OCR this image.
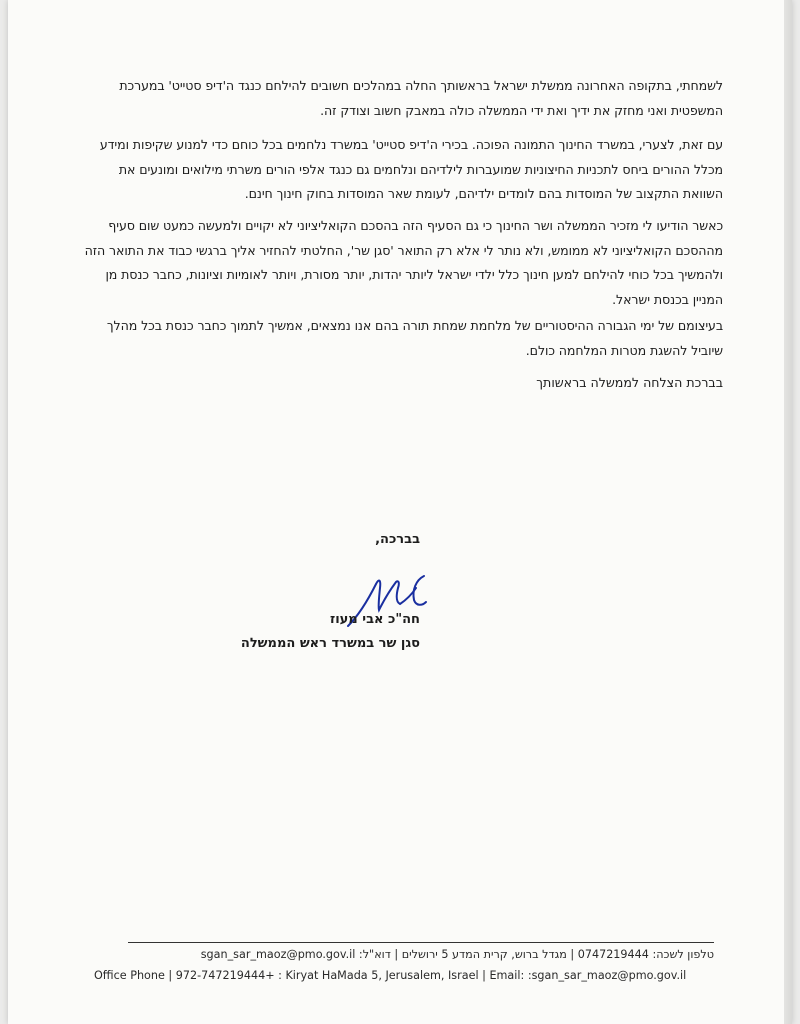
לשמחתי, בתקופה האחרונה ממשלת ישראל בראשותך החלה במהלכים חשובים להילחם כנגד ה'דיפ סטייט' במערכת המשפטית ואני מחזק את ידיך ואת ידי הממשלה כולה במאבק חשוב וצודק זה.
עם זאת, לצערי, במשרד החינוך התמונה הפוכה. בכירי ה'דיפ סטייט' במשרד נלחמים בכל כוחם כדי למנוע שקיפות ומידע מכלל ההורים ביחס לתכניות החיצוניות שמועברות לילדיהם ונלחמים גם כנגד אלפי הורים משרתי מילואים ומונעים את השוואת התקצוב של המוסדות בהם לומדים ילדיהם, לעומת שאר המוסדות בחוק חינוך חינם.
כאשר הודיעו לי מזכיר הממשלה ושר החינוך כי גם הסעיף הזה בהסכם הקואליציוני לא יקויים ולמעשה כמעט שום סעיף מההסכם הקואליציוני לא ממומש, ולא נותר לי אלא רק התואר 'סגן שר', החלטתי להחזיר אליך ברגשי כבוד את התואר הזה ולהמשיך בכל כוחי להילחם למען חינוך כלל ילדי ישראל ליותר יהדות, יותר מסורת, ויותר לאומיות וציונות, כחבר כנסת מן המניין בכנסת ישראל.
בעיצומם של ימי הגבורה ההיסטוריים של מלחמת שמחת תורה בהם אנו נמצאים, אמשיך לתמוך כחבר כנסת בכל מהלך שיוביל להשגת מטרות המלחמה כולם.
בברכת הצלחה לממשלה בראשותך
בברכה,
חה"כ אבי מעוז
סגן שר במשרד ראש הממשלה
טלפון לשכה: 0747219444 | מגדל ברוש, קרית המדע 5 ירושלים | דוא"ל: sgan_sar_maoz@pmo.gov.il
Office Phone | 972-747219444+ : Kiryat HaMada 5, Jerusalem, Israel | Email: :sgan_sar_maoz@pmo.gov.il
